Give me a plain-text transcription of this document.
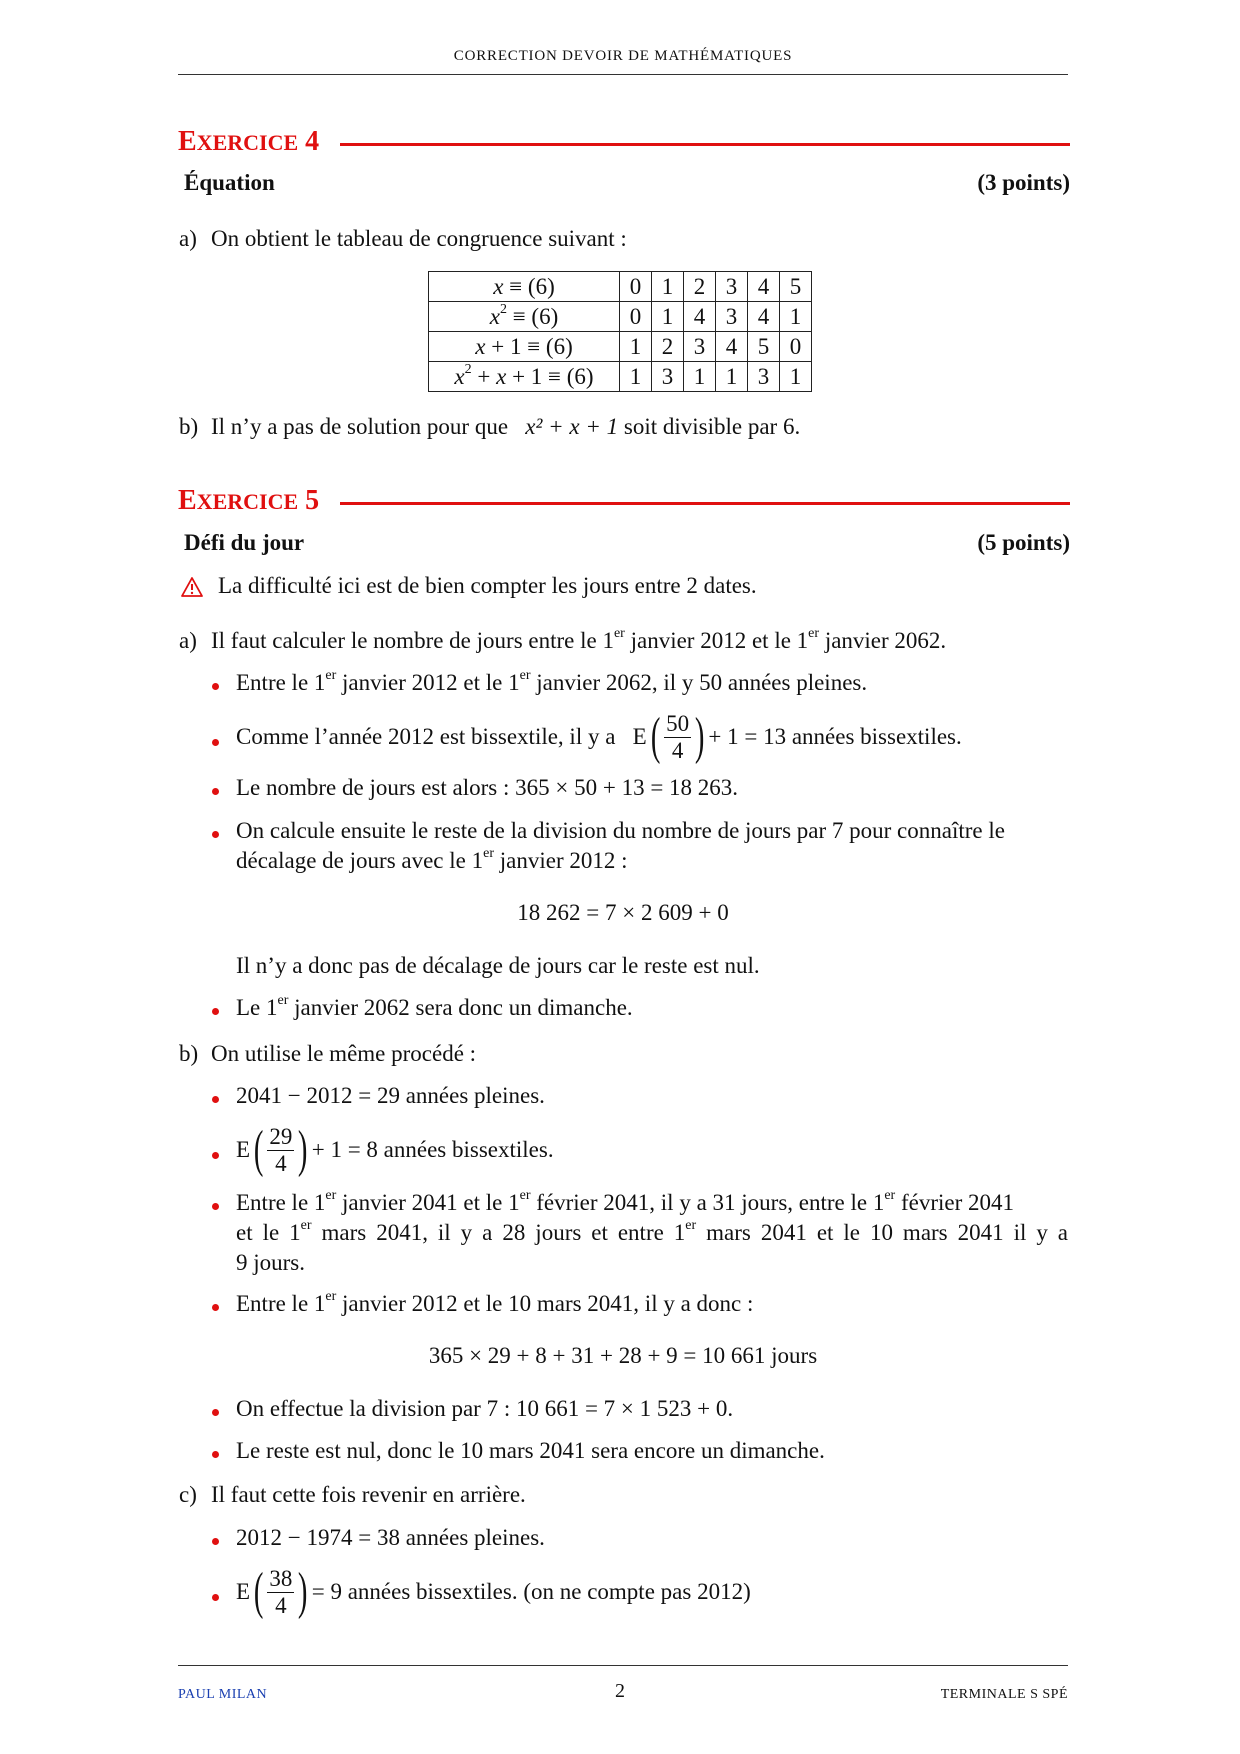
CORRECTION DEVOIR DE MATHÉMATIQUES
EXERCICE 4
Équation	(3 points)
a) On obtient le tableau de congruence suivant :
x ≡ (6)	0	1	2	3	4	5
$x^2 \equiv (6)$	0	1	4	3	4	1
x + 1 ≡ (6)	1	2	3	4	5	0
$x^2 + x + 1 \equiv (6)$	1	3	1	1	3	1
b) Il n’y a pas de solution pour que x² + x + 1 soit divisible par 6.
EXERCICE 5
Défi du jour	(5 points)
La difficulté ici est de bien compter les jours entre 2 dates.
a) Il faut calculer le nombre de jours entre le 1er janvier 2012 et le 1er janvier 2062.
Entre le 1er janvier 2012 et le 1er janvier 2062, il y 50 années pleines.
Comme l’année 2012 est bissextile, il y a
E ( $\frac{50}{4}$ ) + 1 = 13 années bissextiles.
Le nombre de jours est alors : 365 × 50 + 13 = 18 263.
On calcule ensuite le reste de la division du nombre de jours par 7 pour connaître le
décalage de jours avec le 1er janvier 2012 :
18 262 = 7 × 2 609 + 0
Il n’y a donc pas de décalage de jours car le reste est nul.
Le 1er janvier 2062 sera donc un dimanche.
b) On utilise le même procédé :
2041 − 2012 = 29 années pleines.
E ( $\frac{29}{4}$ ) + 1 = 8 années bissextiles.
Entre le 1er janvier 2041 et le 1er février 2041, il y a 31 jours, entre le 1er février 2041
et le 1er mars 2041, il y a 28 jours et entre 1er mars 2041 et le 10 mars 2041 il y a
9 jours.
Entre le 1er janvier 2012 et le 10 mars 2041, il y a donc :
365 × 29 + 8 + 31 + 28 + 9 = 10 661 jours
On effectue la division par 7 : 10 661 = 7 × 1 523 + 0.
Le reste est nul, donc le 10 mars 2041 sera encore un dimanche.
c) Il faut cette fois revenir en arrière.
2012 − 1974 = 38 années pleines.
E ( $\frac{38}{4}$ ) = 9 années bissextiles. (on ne compte pas 2012)
PAUL MILAN	2	TERMINALE S SPÉ
